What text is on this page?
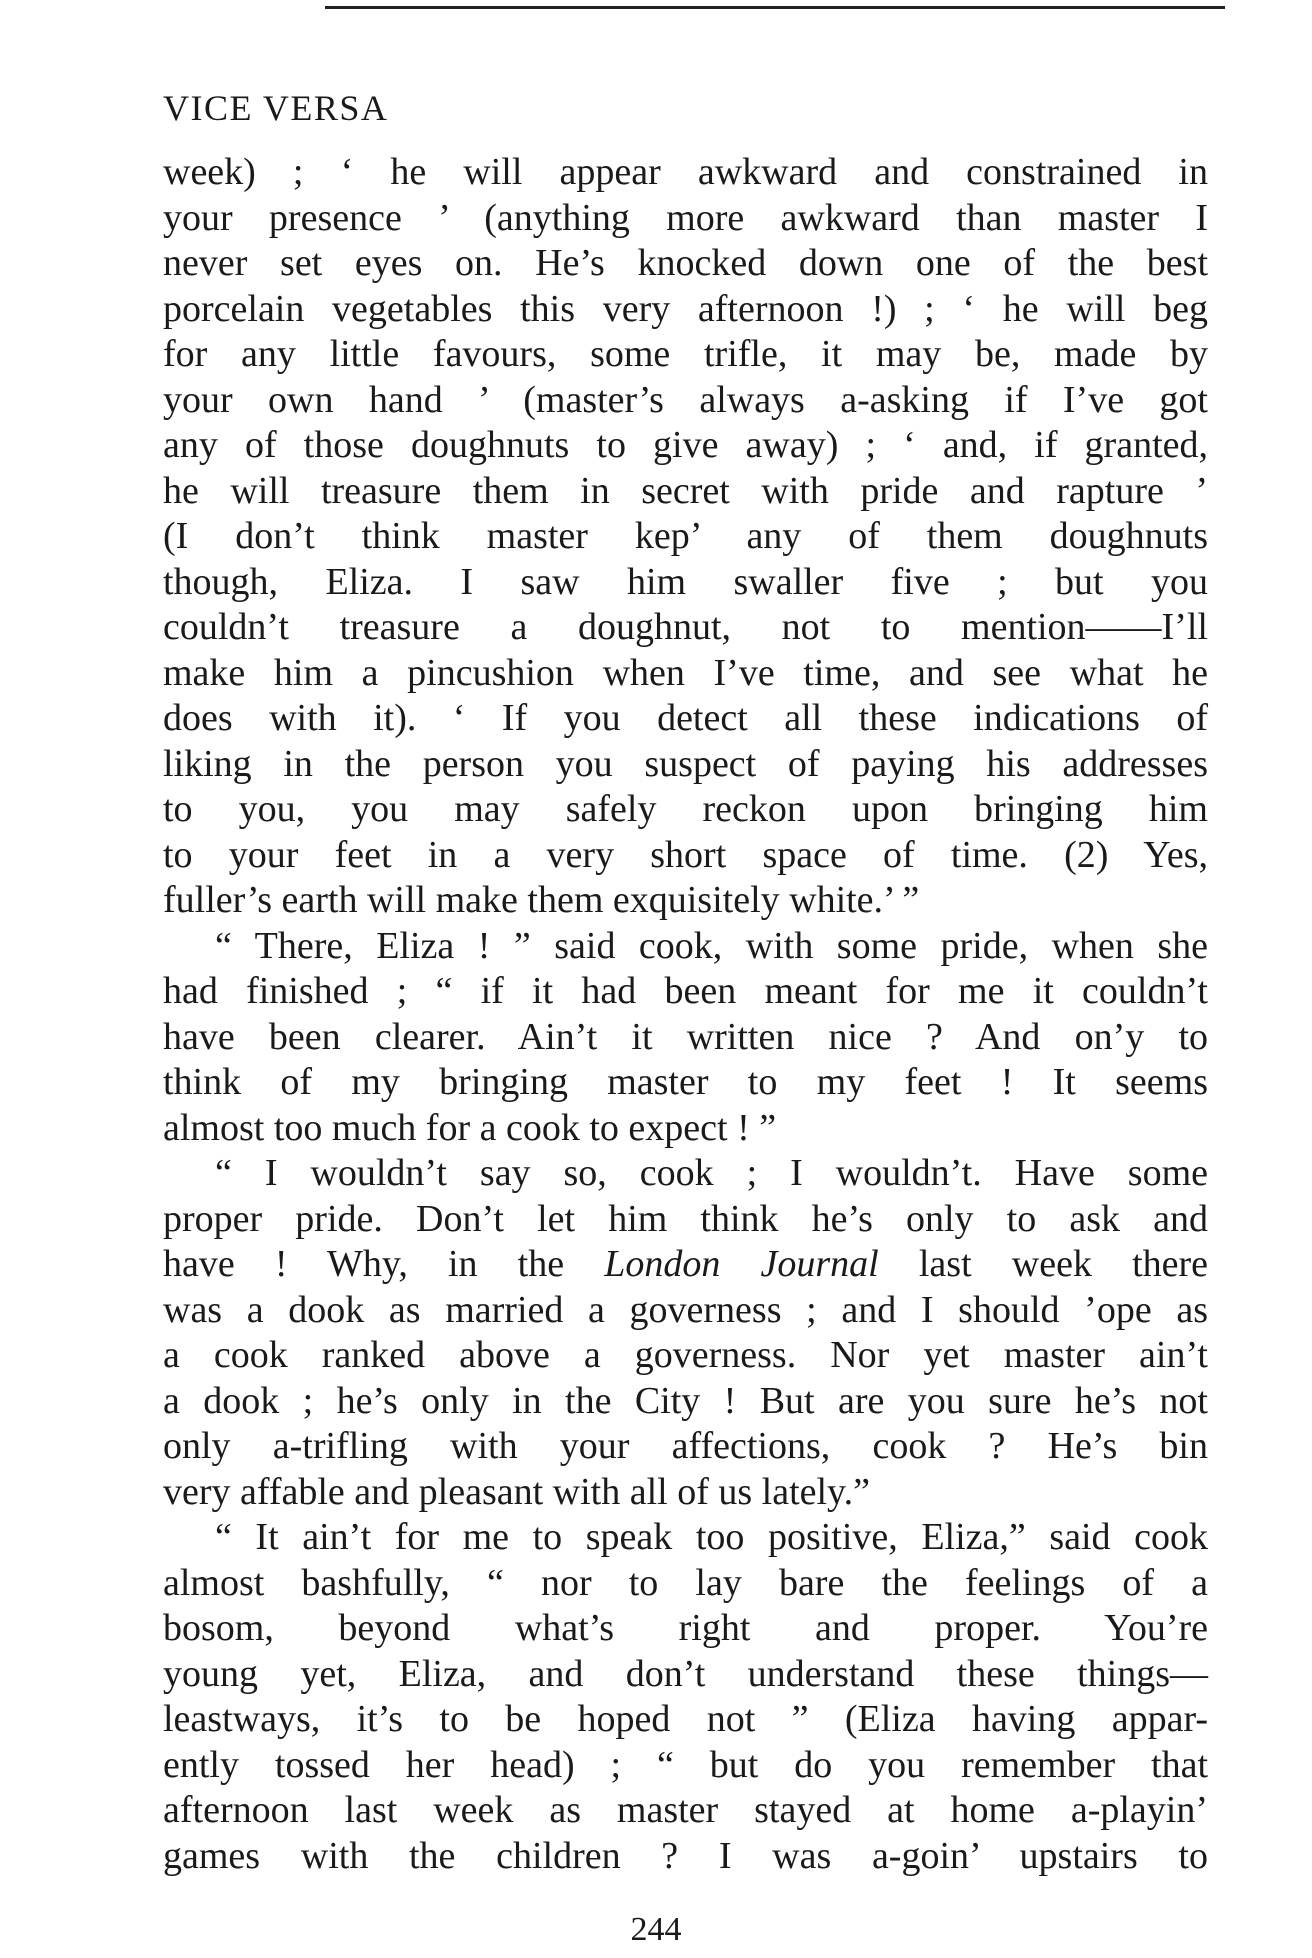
VICE VERSA
week) ; ‘ he will appear awkward and constrained in
your presence ’ (anything more awkward than master I
never set eyes on. He’s knocked down one of the best
porcelain vegetables this very afternoon !) ; ‘ he will beg
for any little favours, some trifle, it may be, made by
your own hand ’ (master’s always a-asking if I’ve got
any of those doughnuts to give away) ; ‘ and, if granted,
he will treasure them in secret with pride and rapture ’
(I don’t think master kep’ any of them doughnuts
though, Eliza. I saw him swaller five ; but you
couldn’t treasure a doughnut, not to mention——I’ll
make him a pincushion when I’ve time, and see what he
does with it). ‘ If you detect all these indications of
liking in the person you suspect of paying his addresses
to you, you may safely reckon upon bringing him
to your feet in a very short space of time. (2) Yes,
fuller’s earth will make them exquisitely white.’ ”
“ There, Eliza ! ” said cook, with some pride, when she
had finished ; “ if it had been meant for me it couldn’t
have been clearer. Ain’t it written nice ? And on’y to
think of my bringing master to my feet ! It seems
almost too much for a cook to expect ! ”
“ I wouldn’t say so, cook ; I wouldn’t. Have some
proper pride. Don’t let him think he’s only to ask and
have ! Why, in the London Journal last week there
was a dook as married a governess ; and I should ’ope as
a cook ranked above a governess. Nor yet master ain’t
a dook ; he’s only in the City ! But are you sure he’s not
only a-trifling with your affections, cook ? He’s bin
very affable and pleasant with all of us lately.”
“ It ain’t for me to speak too positive, Eliza,” said cook
almost bashfully, “ nor to lay bare the feelings of a
bosom, beyond what’s right and proper. You’re
young yet, Eliza, and don’t understand these things—
leastways, it’s to be hoped not ” (Eliza having appar-
ently tossed her head) ; “ but do you remember that
afternoon last week as master stayed at home a-playin’
games with the children ? I was a-goin’ upstairs to
244
